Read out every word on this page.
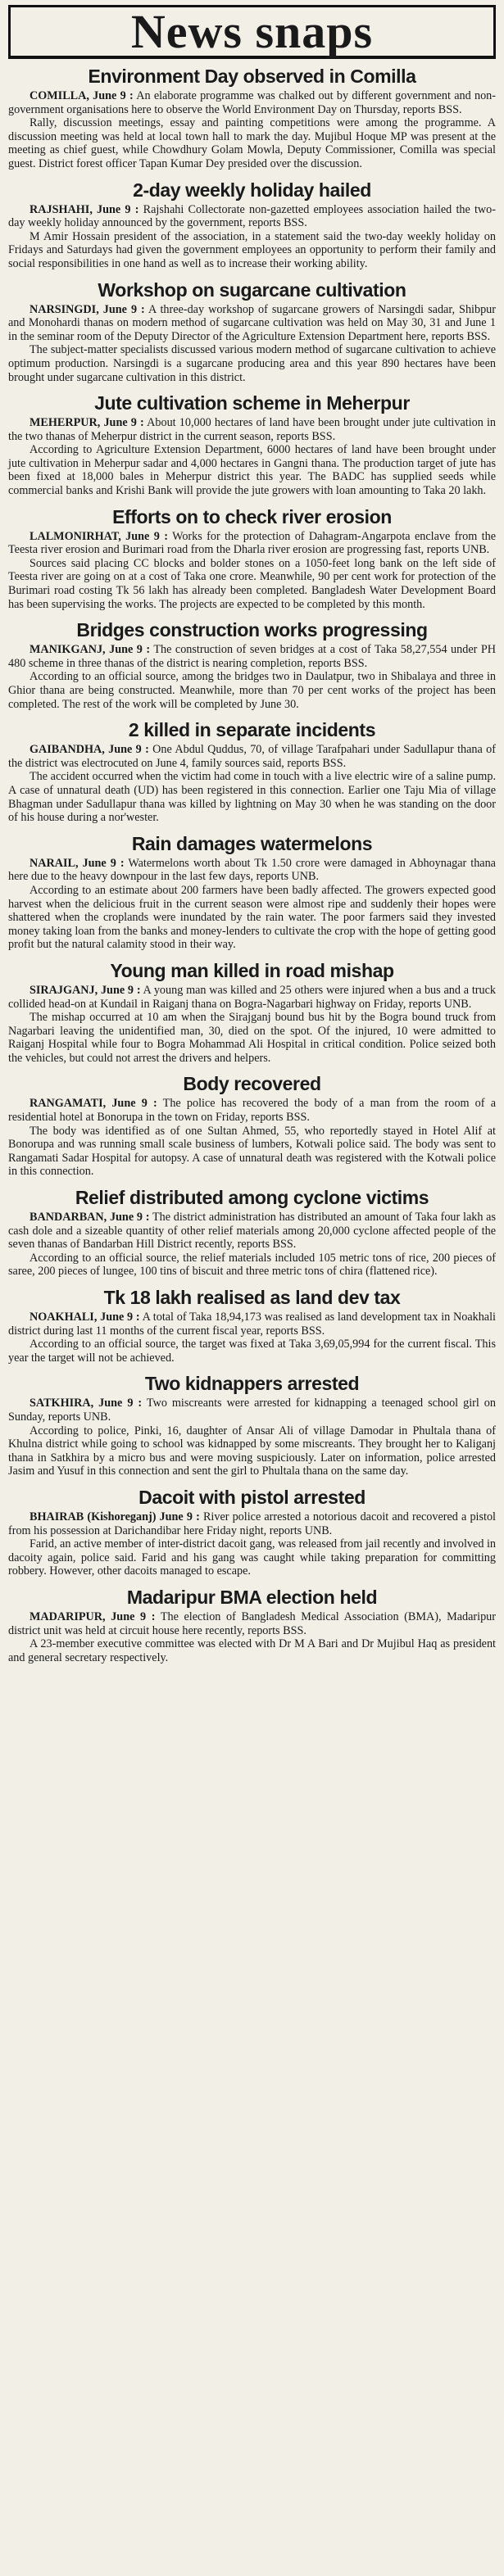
News snaps
Environment Day observed in Comilla

COMILLA, June 9 : An elaborate programme was chalked out by different government and non-government organisations here to observe the World Environment Day on Thursday, reports BSS.

Rally, discussion meetings, essay and painting competitions were among the programme. A discussion meeting was held at local town hall to mark the day. Mujibul Hoque MP was present at the meeting as chief guest, while Chowdhury Golam Mowla, Deputy Commissioner, Comilla was special guest. District forest officer Tapan Kumar Dey presided over the discussion.

2-day weekly holiday hailed

RAJSHAHI, June 9 : Rajshahi Collectorate non-gazetted employees association hailed the two-day weekly holiday announced by the government, reports BSS.

M Amir Hossain president of the association, in a statement said the two-day weekly holiday on Fridays and Saturdays had given the government employees an opportunity to perform their family and social responsibilities in one hand as well as to increase their working ability.

Workshop on sugarcane cultivation

NARSINGDI, June 9 : A three-day workshop of sugarcane growers of Narsingdi sadar, Shibpur and Monohardi thanas on modern method of sugarcane cultivation was held on May 30, 31 and June 1 in the seminar room of the Deputy Director of the Agriculture Extension Department here, reports BSS.

The subject-matter specialists discussed various modern method of sugarcane cultivation to achieve optimum production. Narsingdi is a sugarcane producing area and this year 890 hectares have been brought under sugarcane cultivation in this district.

Jute cultivation scheme in Meherpur

MEHERPUR, June 9 : About 10,000 hectares of land have been brought under jute cultivation in the two thanas of Meherpur district in the current season, reports BSS.

According to Agriculture Extension Department, 6000 hectares of land have been brought under jute cultivation in Meherpur sadar and 4,000 hectares in Gangni thana. The production target of jute has been fixed at 18,000 bales in Meherpur district this year. The BADC has supplied seeds while commercial banks and Krishi Bank will provide the jute growers with loan amounting to Taka 20 lakh.

Efforts on to check river erosion

LALMONIRHAT, June 9 : Works for the protection of Dahagram-Angarpota enclave from the Teesta river erosion and Burimari road from the Dharla river erosion are progressing fast, reports UNB.

Sources said placing CC blocks and bolder stones on a 1050-feet long bank on the left side of Teesta river are going on at a cost of Taka one crore. Meanwhile, 90 per cent work for protection of the Burimari road costing Tk 56 lakh has already been completed. Bangladesh Water Development Board has been supervising the works. The projects are expected to be completed by this month.

Bridges construction works progressing

MANIKGANJ, June 9 : The construction of seven bridges at a cost of Taka 58,27,554 under PH 480 scheme in three thanas of the district is nearing completion, reports BSS.

According to an official source, among the bridges two in Daulatpur, two in Shibalaya and three in Ghior thana are being constructed. Meanwhile, more than 70 per cent works of the project has been completed. The rest of the work will be completed by June 30.

2 killed in separate incidents

GAIBANDHA, June 9 : One Abdul Quddus, 70, of village Tarafpahari under Sadullapur thana of the district was electrocuted on June 4, family sources said, reports BSS.

The accident occurred when the victim had come in touch with a live electric wire of a saline pump. A case of unnatural death (UD) has been registered in this connection. Earlier one Taju Mia of village Bhagman under Sadullapur thana was killed by lightning on May 30 when he was standing on the door of his house during a nor'wester.

Rain damages watermelons

NARAIL, June 9 : Watermelons worth about Tk 1.50 crore were damaged in Abhoynagar thana here due to the heavy downpour in the last few days, reports UNB.

According to an estimate about 200 farmers have been badly affected. The growers expected good harvest when the delicious fruit in the current season were almost ripe and suddenly their hopes were shattered when the croplands were inundated by the rain water. The poor farmers said they invested money taking loan from the banks and money-lenders to cultivate the crop with the hope of getting good profit but the natural calamity stood in their way.

Young man killed in road mishap

SIRAJGANJ, June 9 : A young man was killed and 25 others were injured when a bus and a truck collided head-on at Kundail in Raiganj thana on Bogra-Nagarbari highway on Friday, reports UNB.

The mishap occurred at 10 am when the Sirajganj bound bus hit by the Bogra bound truck from Nagarbari leaving the unidentified man, 30, died on the spot. Of the injured, 10 were admitted to Raiganj Hospital while four to Bogra Mohammad Ali Hospital in critical condition. Police seized both the vehicles, but could not arrest the drivers and helpers.

Body recovered

RANGAMATI, June 9 : The police has recovered the body of a man from the room of a residential hotel at Bonorupa in the town on Friday, reports BSS.

The body was identified as of one Sultan Ahmed, 55, who reportedly stayed in Hotel Alif at Bonorupa and was running small scale business of lumbers, Kotwali police said. The body was sent to Rangamati Sadar Hospital for autopsy. A case of unnatural death was registered with the Kotwali police in this connection.

Relief distributed among cyclone victims

BANDARBAN, June 9 : The district administration has distributed an amount of Taka four lakh as cash dole and a sizeable quantity of other relief materials among 20,000 cyclone affected people of the seven thanas of Bandarban Hill District recently, reports BSS.

According to an official source, the relief materials included 105 metric tons of rice, 200 pieces of saree, 200 pieces of lungee, 100 tins of biscuit and three metric tons of chira (flattened rice).

Tk 18 lakh realised as land dev tax

NOAKHALI, June 9 : A total of Taka 18,94,173 was realised as land development tax in Noakhali district during last 11 months of the current fiscal year, reports BSS.

According to an official source, the target was fixed at Taka 3,69,05,994 for the current fiscal. This year the target will not be achieved.

Two kidnappers arrested

SATKHIRA, June 9 : Two miscreants were arrested for kidnapping a teenaged school girl on Sunday, reports UNB.

According to police, Pinki, 16, daughter of Ansar Ali of village Damodar in Phultala thana of Khulna district while going to school was kidnapped by some miscreants. They brought her to Kaliganj thana in Satkhira by a micro bus and were moving suspiciously. Later on information, police arrested Jasim and Yusuf in this connection and sent the girl to Phultala thana on the same day.

Dacoit with pistol arrested

BHAIRAB (Kishoreganj) June 9 : River police arrested a notorious dacoit and recovered a pistol from his possession at Darichandibar here Friday night, reports UNB.

Farid, an active member of inter-district dacoit gang, was released from jail recently and involved in dacoity again, police said. Farid and his gang was caught while taking preparation for committing robbery. However, other dacoits managed to escape.

Madaripur BMA election held

MADARIPUR, June 9 : The election of Bangladesh Medical Association (BMA), Madaripur district unit was held at circuit house here recently, reports BSS.

A 23-member executive committee was elected with Dr M A Bari and Dr Mujibul Haq as president and general secretary respectively.
